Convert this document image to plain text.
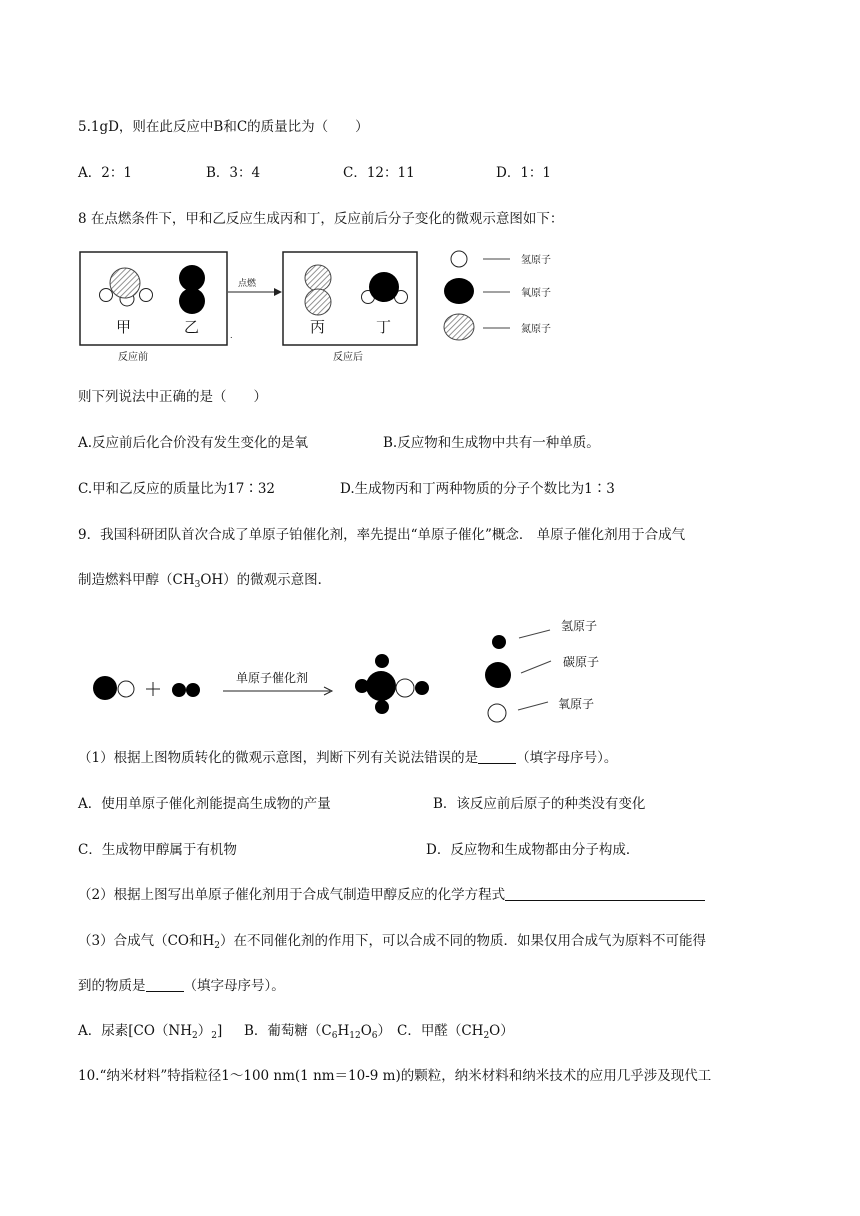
5.1gD，则在此反应中B和C的质量比为（　　）
A．2：1	B．3：4	C．12：11	D．1：1
8 在点燃条件下，甲和乙反应生成丙和丁，反应前后分子变化的微观示意图如下：
甲	乙
反应前
.
点燃
丙	丁
反应后
氢原子
氧原子
氮原子
则下列说法中正确的是（　　）
A.反应前后化合价没有发生变化的是氧	B.反应物和生成物中共有一种单质。
C.甲和乙反应的质量比为17∶32	D.生成物丙和丁两种物质的分子个数比为1∶3
9．我国科研团队首次合成了单原子铂催化剂，率先提出“单原子催化”概念． 单原子催化剂用于合成气
制造燃料甲醇$(CH_3OH)$的微观示意图．
单原子催化剂
氢原子
碳原子
氧原子
（1）根据上图物质转化的微观示意图，判断下列有关说法错误的是	（填字母序号）。
A．使用单原子催化剂能提高生成物的产量	B．该反应前后原子的种类没有变化
C．生成物甲醇属于有机物	D．反应物和生成物都由分子构成．
（2）根据上图写出单原子催化剂用于合成气制造甲醇反应的化学方程式
（3）合成气（CO和$H_2$）在不同催化剂的作用下，可以合成不同的物质．如果仅用合成气为原料不可能得
到的物质是	（填字母序号）。
A．尿素$[CO(NH_2)_2]$ B．葡萄糖$(C_6H_{12}O_6)$ C．甲醛$(CH_2O)$
10.“纳米材料”特指粒径1～100 nm(1 nm＝10-9 m)的颗粒，纳米材料和纳米技术的应用几乎涉及现代工
